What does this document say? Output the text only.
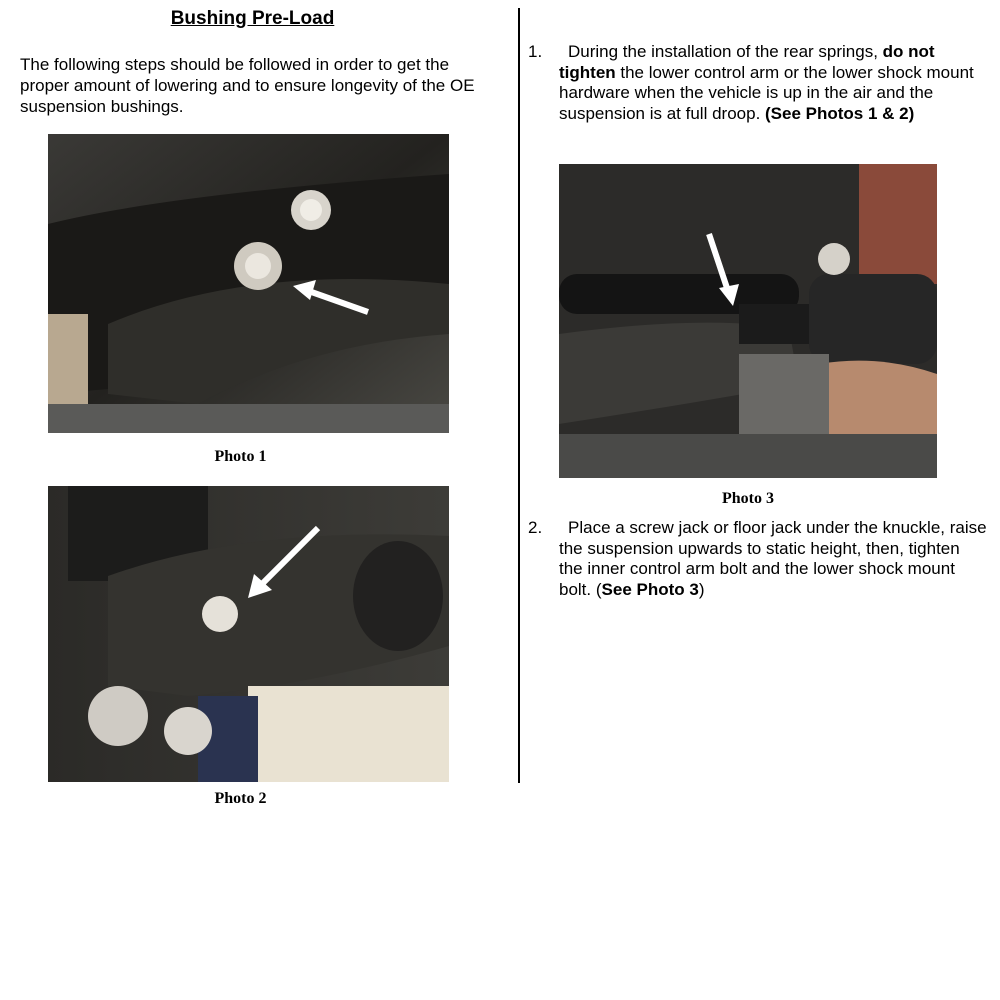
Bushing Pre-Load
The following steps should be followed in order to get the proper amount of lowering and to ensure longevity of the OE suspension bushings.
Photo 1
Photo 2
1.	During the installation of the rear springs, do not tighten the lower control arm or the lower shock mount hardware when the vehicle is up in the air and the suspension is at full droop. (See Photos 1 & 2)
Photo 3
2.	Place a screw jack or floor jack under the knuckle, raise the suspension upwards to static height, then, tighten the inner control arm bolt and the lower shock mount bolt. (See Photo 3)
